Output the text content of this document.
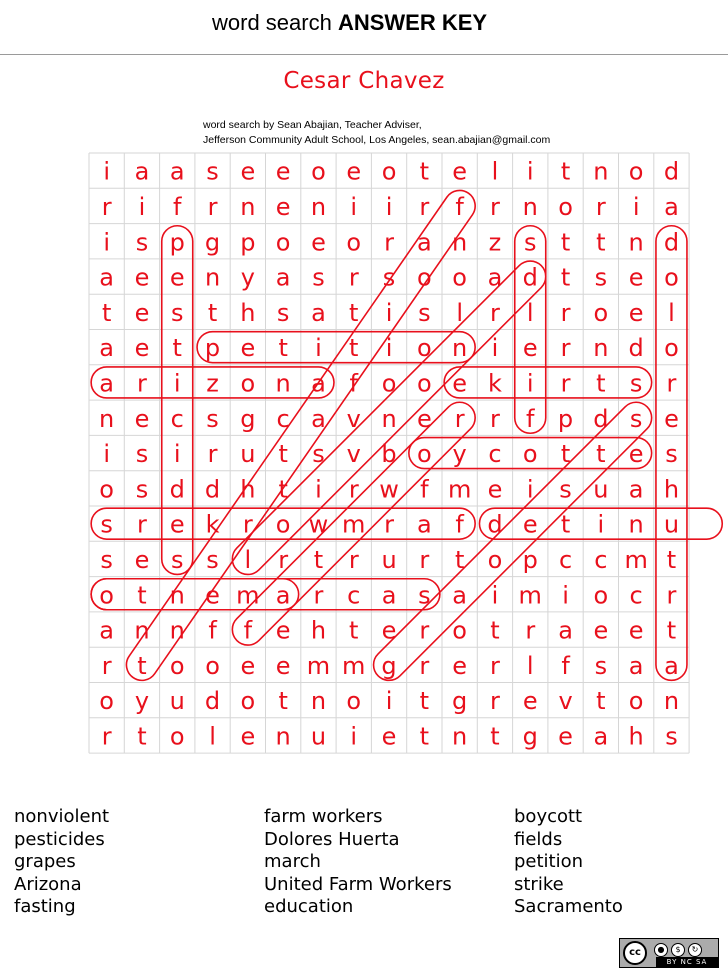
word search ANSWER KEY
Cesar Chavez
word search by Sean Abajian, Teacher Adviser,
Jefferson Community Adult School, Los Angeles, sean.abajian@gmail.com
i a a s e e o e o t e l i t n o d
r i f r n e n i i r f r n o r i a
i s p g p o e o r a n z s t t n d
a e e n y a s r s o o a d t s e o
t e s t h s a t i s l r l r o e l
a e t p e t i t i o n i e r n d o
a r i z o n a f o o e k i r t s r
n e c s g c a v n e r r f p d s e
i s i r u t s v b o y c o t t e s
o s d d h t i r w f m e i s u a h
s r e k r o w m r a f d e t i n u
s e s s l r t r u r t o p c c m t
o t n e m a r c a s a i m i o c r
a n n f f e h t e r o t r a e e t
r t o o e e m m g r e r l f s a a
o y u d o t n o i t g r e v t o n
r t o l e n u i e t n t g e a h s
nonviolent
pesticides
grapes
Arizona
fasting
farm workers
Dolores Huerta
march
United Farm Workers
education
boycott
fields
petition
strike
Sacramento
cc	●	$	↻
BY NC SA
